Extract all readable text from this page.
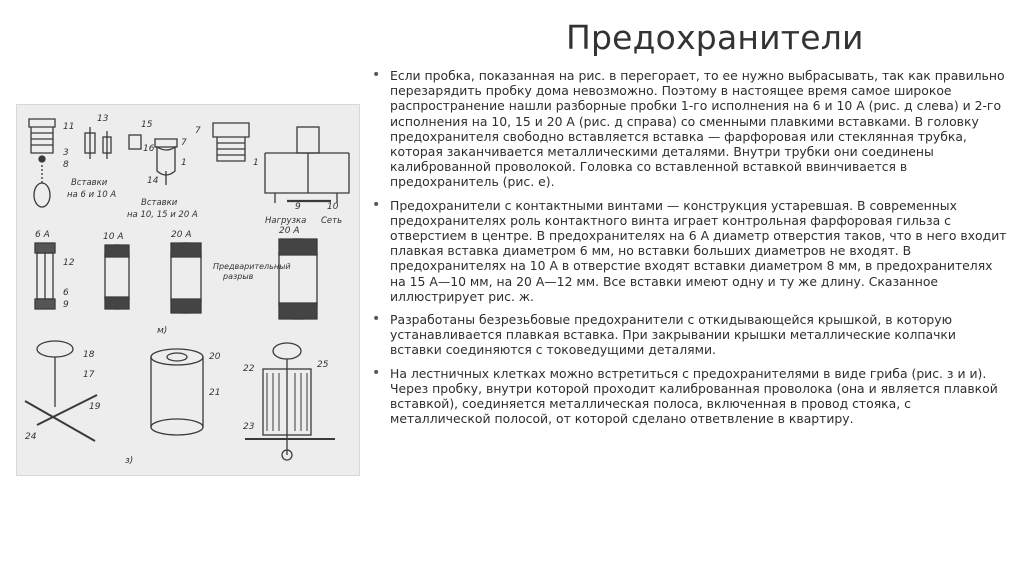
Предохранители
11
13
15
3
8
16
7
7
1
14
1
9	10
Вставки
на 6 и 10 А
Вставки
на 10, 15 и 20 А
Нагрузка Сеть
6 А	10 А	20 А	20 А
Предварительный
разрыв
12
6
9
м)
18
17
19
20
21
22
23
24
25
з)
• Если пробка, показанная на рис. в перегорает, то ее нужно выбрасывать, так как правильно перезарядить пробку дома невозможно. Поэтому в настоящее время самое широкое распространение нашли разборные пробки 1-го исполнения на 6 и 10 А (рис. д слева) и 2-го исполнения на 10, 15 и 20 А (рис. д справа) со сменными плавкими вставками. В головку предохранителя свободно вставляется вставка — фарфоровая или стеклянная трубка, которая заканчивается металлическими деталями. Внутри трубки они соединены калиброванной проволокой. Головка со вставленной вставкой ввинчивается в предохранитель (рис. е).
• Предохранители с контактными винтами — конструкция устаревшая. В современных предохранителях роль контактного винта играет контрольная фарфоровая гильза с отверстием в центре. В предохранителях на 6 А диаметр отверстия таков, что в него входит плавкая вставка диаметром 6 мм, но вставки больших диаметров не входят. В предохранителях на 10 А в отверстие входят вставки диаметром 8 мм, в предохранителях на 15 А—10 мм, на 20 А—12 мм. Все вставки имеют одну и ту же длину. Сказанное иллюстрирует рис. ж.
• Разработаны безрезьбовые предохранители с откидывающейся крышкой, в которую устанавливается плавкая вставка. При закрывании крышки металлические колпачки вставки соединяются с токоведущими деталями.
• На лестничных клетках можно встретиться с предохранителями в виде гриба (рис. з и и). Через пробку, внутри которой проходит калиброванная проволока (она и является плавкой вставкой), соединяется металлическая полоса, включенная в провод стояка, с металлической полосой, от которой сделано ответвление в квартиру.
